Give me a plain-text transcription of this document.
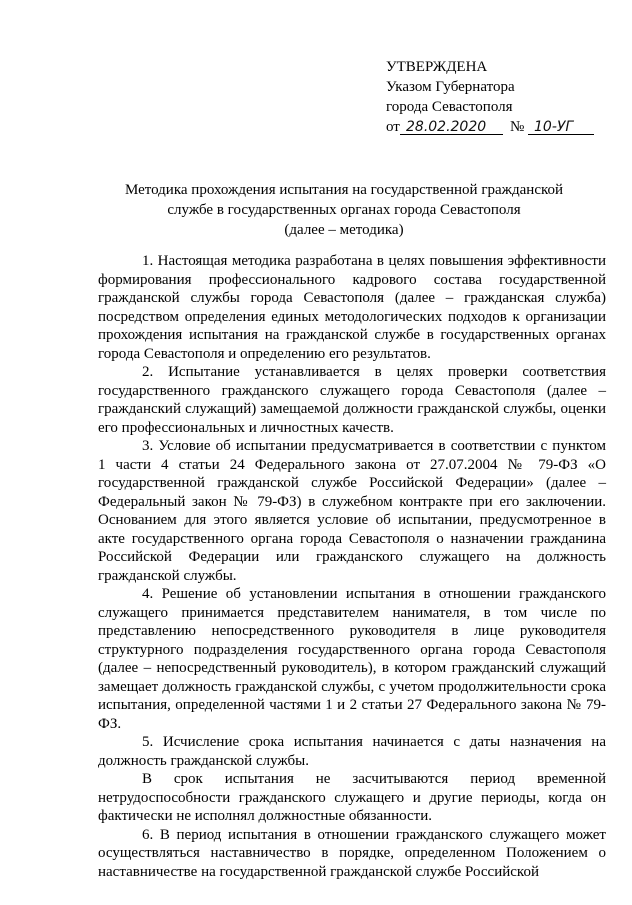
УТВЕРЖДЕНА
Указом Губернатора
города Севастополя
от 28.02.2020 № 10-УГ
Методика прохождения испытания на государственной гражданской
службе в государственных органах города Севастополя
(далее – методика)

1. Настоящая методика разработана в целях повышения эффективности формирования профессионального кадрового состава государственной гражданской службы города Севастополя (далее – гражданская служба) посредством определения единых методологических подходов к организации прохождения испытания на гражданской службе в государственных органах города Севастополя и определению его результатов.

2. Испытание устанавливается в целях проверки соответствия государственного гражданского служащего города Севастополя (далее – гражданский служащий) замещаемой должности гражданской службы, оценки его профессиональных и личностных качеств.

3. Условие об испытании предусматривается в соответствии с пунктом 1 части 4 статьи 24 Федерального закона от 27.07.2004 № 79-ФЗ «О государственной гражданской службе Российской Федерации» (далее – Федеральный закон № 79-ФЗ) в служебном контракте при его заключении. Основанием для этого является условие об испытании, предусмотренное в акте государственного органа города Севастополя о назначении гражданина Российской Федерации или гражданского служащего на должность гражданской службы.

4. Решение об установлении испытания в отношении гражданского служащего принимается представителем нанимателя, в том числе по представлению непосредственного руководителя в лице руководителя структурного подразделения государственного органа города Севастополя (далее – непосредственный руководитель), в котором гражданский служащий замещает должность гражданской службы, с учетом продолжительности срока испытания, определенной частями 1 и 2 статьи 27 Федерального закона № 79-ФЗ.

5. Исчисление срока испытания начинается с даты назначения на должность гражданской службы.

В срок испытания не засчитываются период временной нетрудоспособности гражданского служащего и другие периоды, когда он фактически не исполнял должностные обязанности.

6. В период испытания в отношении гражданского служащего может осуществляться наставничество в порядке, определенном Положением о наставничестве на государственной гражданской службе Российской
